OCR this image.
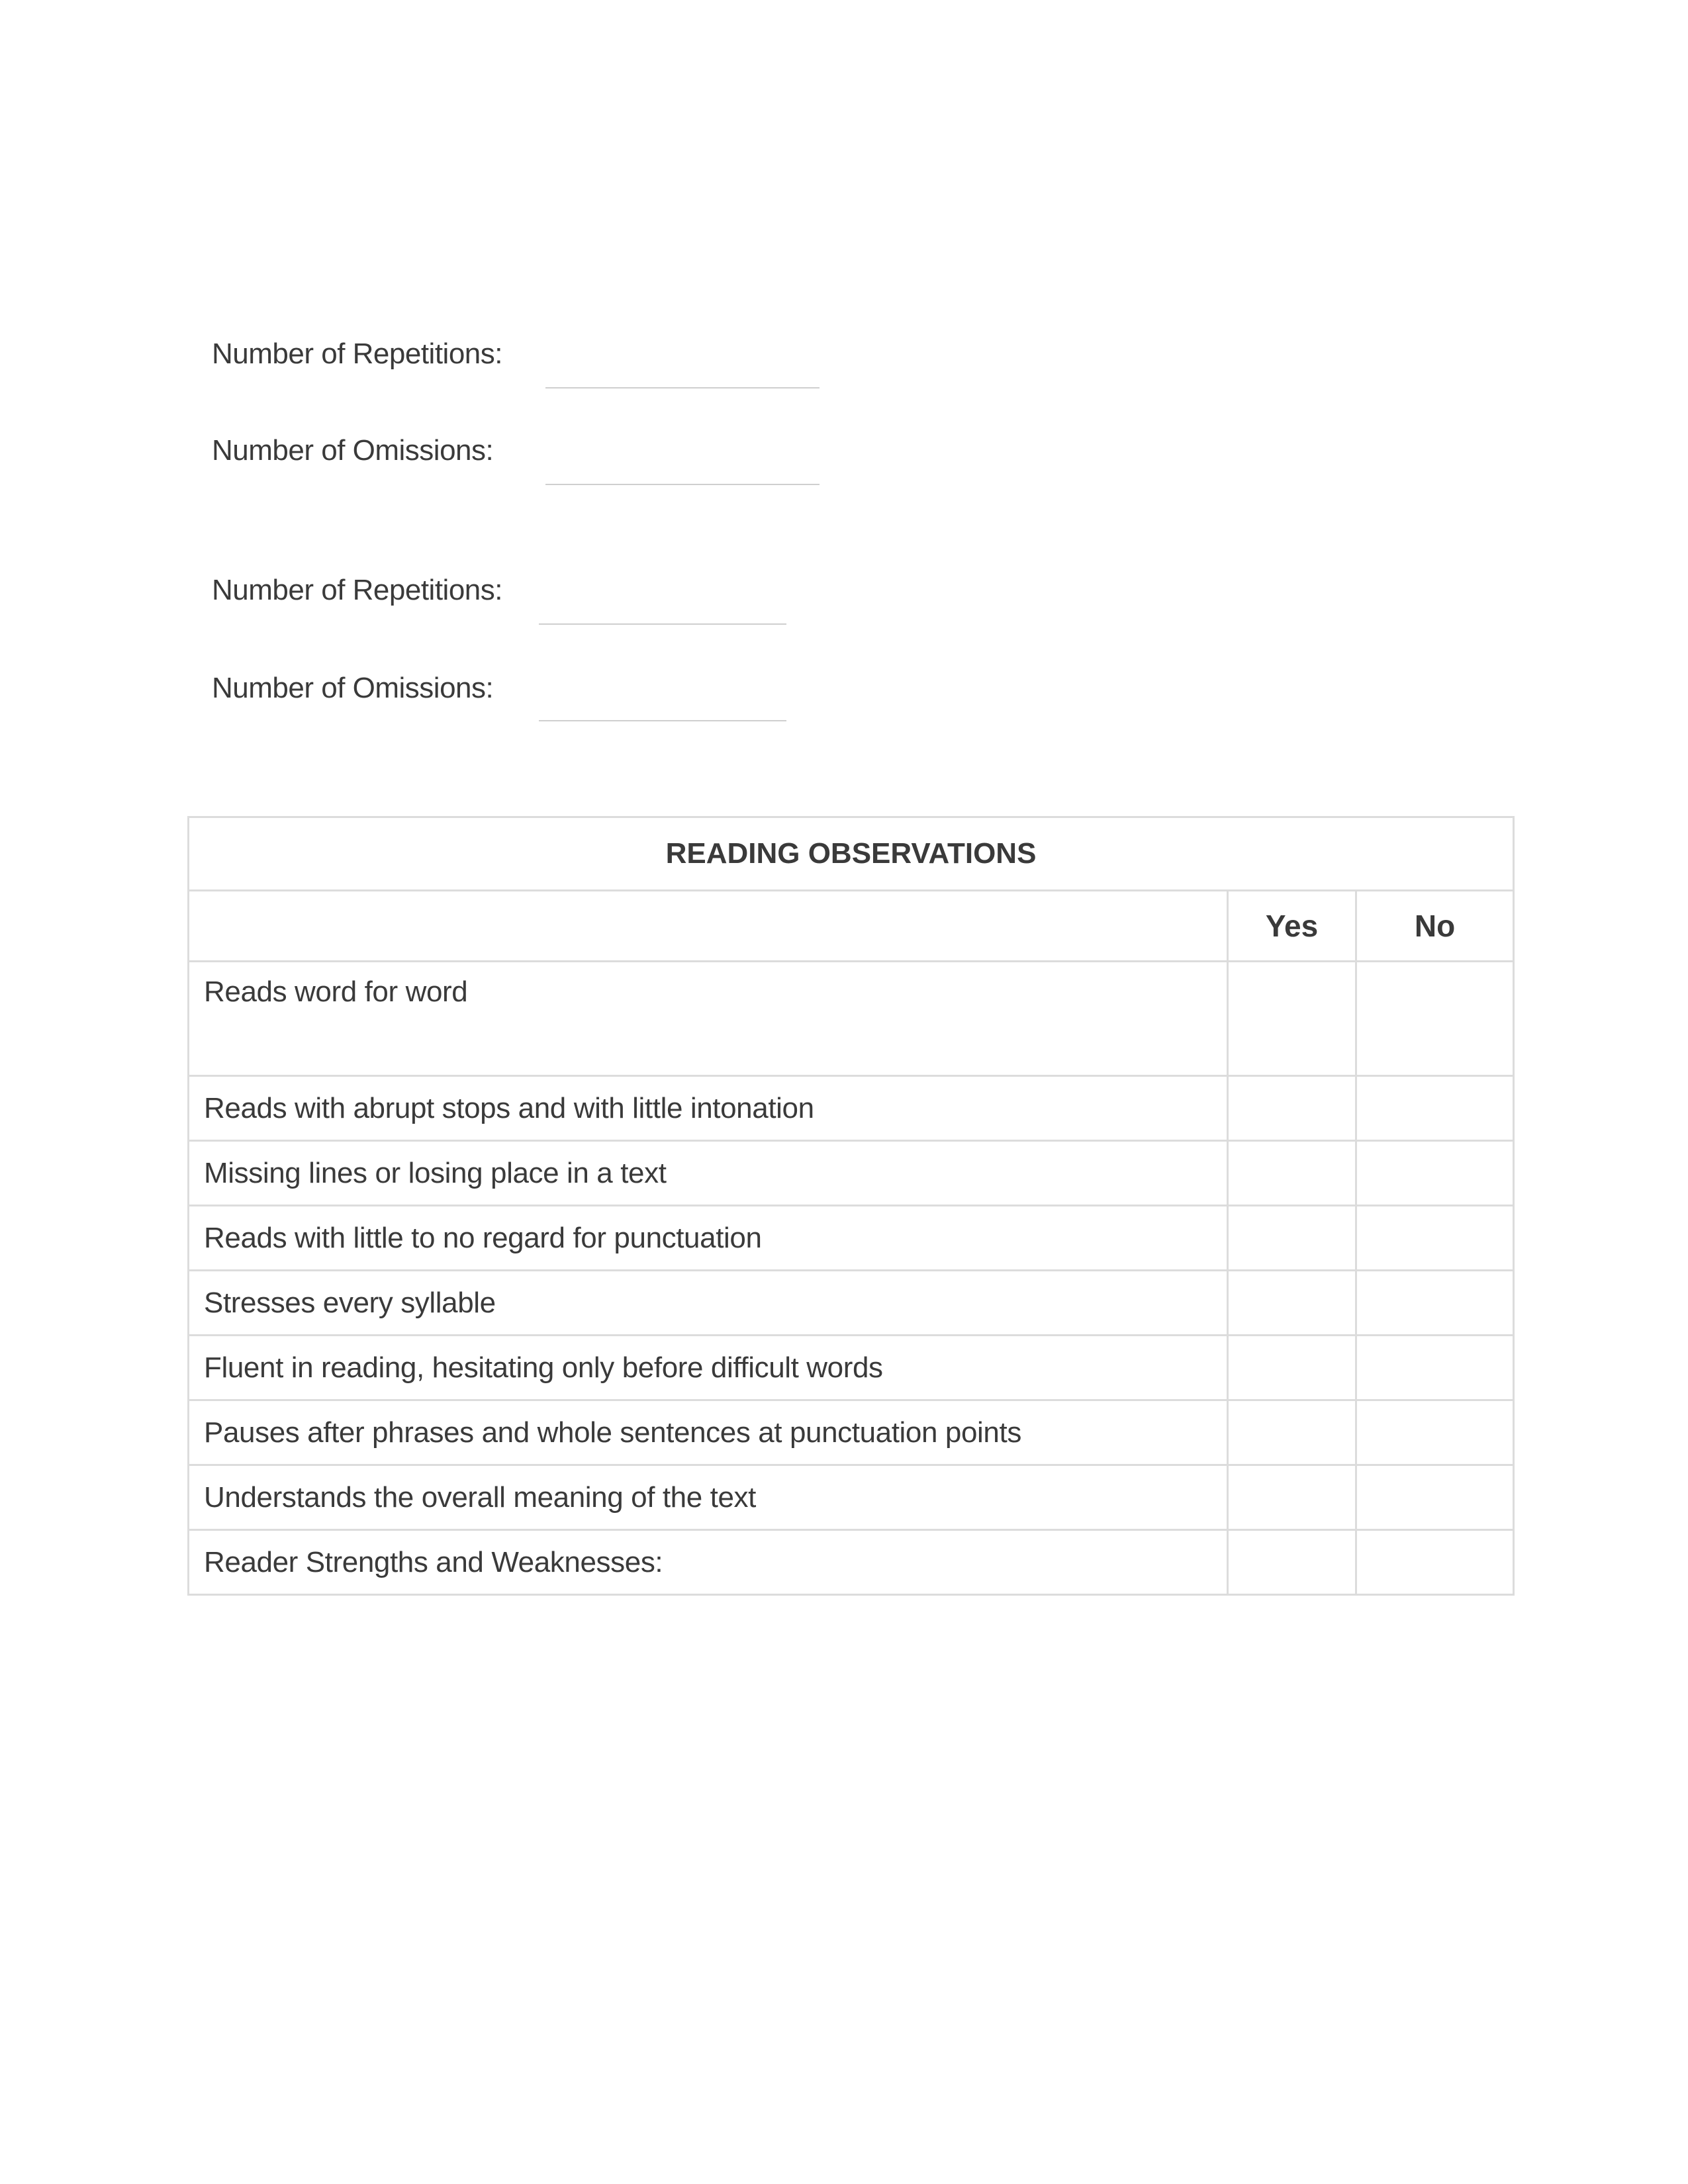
Number of Repetitions:
Number of Omissions:
Number of Repetitions:
Number of Omissions:
READING OBSERVATIONS		
	Yes	No
Reads word for word		
Reads with abrupt stops and with little intonation		
Missing lines or losing place in a text		
Reads with little to no regard for punctuation		
Stresses every syllable		
Fluent in reading, hesitating only before difficult words		
Pauses after phrases and whole sentences at punctuation points		
Understands the overall meaning of the text		
Reader Strengths and Weaknesses:		
